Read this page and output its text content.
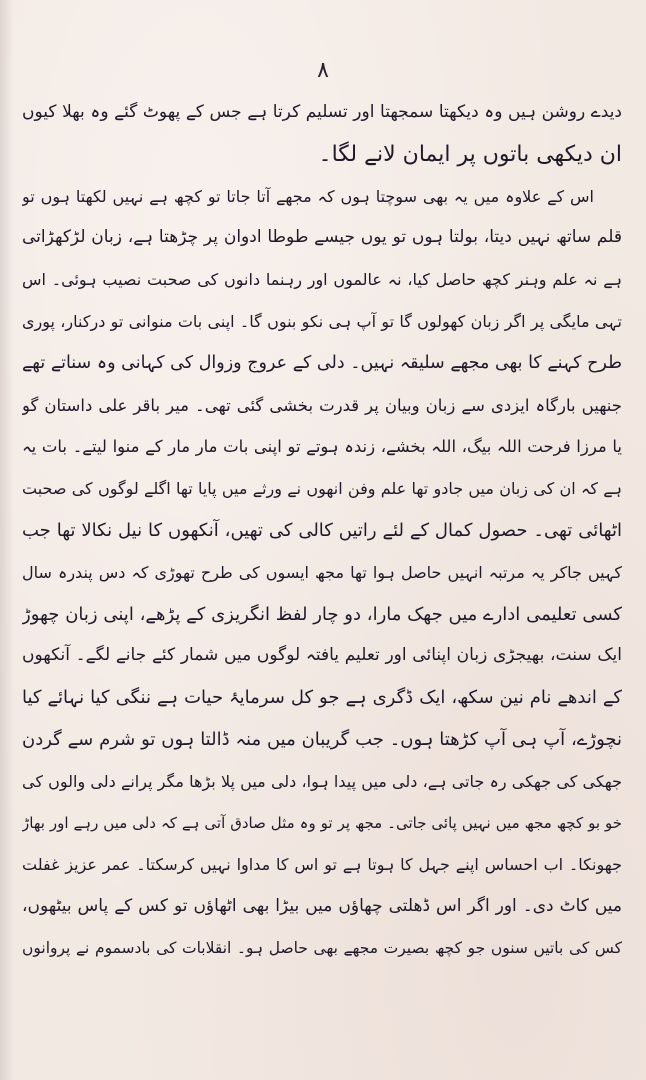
٨
دیدے روشن ہیں وہ دیکھتا سمجھتا اور تسلیم کرتا ہے جس کے پھوٹ گئے وہ بھلا کیوں
ان دیکھی باتوں پر ایمان لانے لگا۔
اس کے علاوہ میں یہ بھی سوچتا ہوں کہ مجھے آتا جاتا تو کچھ ہے نہیں لکھتا ہوں تو
قلم ساتھ نہیں دیتا، بولتا ہوں تو یوں جیسے طوطا ادوان پر چڑھتا ہے، زبان لڑکھڑاتی
ہے نہ علم وہنر کچھ حاصل کیا، نہ عالموں اور رہنما دانوں کی صحبت نصیب ہوئی۔ اس
تہی مایگی پر اگر زبان کھولوں گا تو آپ ہی نکو بنوں گا۔ اپنی بات منوانی تو درکنار، پوری
طرح کہنے کا بھی مجھے سلیقہ نہیں۔ دلی کے عروج وزوال کی کہانی وہ سناتے تھے
جنھیں بارگاہ ایزدی سے زبان وبیان پر قدرت بخشی گئی تھی۔ میر باقر علی داستان گو
یا مرزا فرحت اللہ بیگ، اللہ بخشے، زندہ ہوتے تو اپنی بات مار مار کے منوا لیتے۔ بات یہ
ہے کہ ان کی زبان میں جادو تھا علم وفن انھوں نے ورثے میں پایا تھا اگلے لوگوں کی صحبت
اٹھائی تھی۔ حصول کمال کے لئے راتیں کالی کی تھیں، آنکھوں کا نیل نکالا تھا جب
کہیں جاکر یہ مرتبہ انہیں حاصل ہوا تھا مجھ ایسوں کی طرح تھوڑی کہ دس پندرہ سال
کسی تعلیمی ادارے میں جھک مارا، دو چار لفظ انگریزی کے پڑھے، اپنی زبان چھوڑ
ایک سنت، بھیجڑی زبان اپنائی اور تعلیم یافتہ لوگوں میں شمار کئے جانے لگے۔ آنکھوں
کے اندھے نام نین سکھ، ایک ڈگری ہے جو کل سرمایۂ حیات ہے ننگی کیا نہائے کیا
نچوڑے، آپ ہی آپ کڑھتا ہوں۔ جب گریبان میں منہ ڈالتا ہوں تو شرم سے گردن
جھکی کی جھکی رہ جاتی ہے، دلی میں پیدا ہوا، دلی میں پلا بڑھا مگر پرانے دلی والوں کی
خو بو کچھ مجھ میں نہیں پائی جاتی۔ مجھ پر تو وہ مثل صادق آتی ہے کہ دلی میں رہے اور بھاڑ
جھونکا۔ اب احساس اپنے جہل کا ہوتا ہے تو اس کا مداوا نہیں کرسکتا۔ عمر عزیز غفلت
میں کاٹ دی۔ اور اگر اس ڈھلتی چھاؤں میں بیڑا بھی اٹھاؤں تو کس کے پاس بیٹھوں،
کس کی باتیں سنوں جو کچھ بصیرت مجھے بھی حاصل ہو۔ انقلابات کی بادسموم نے پروانوں
